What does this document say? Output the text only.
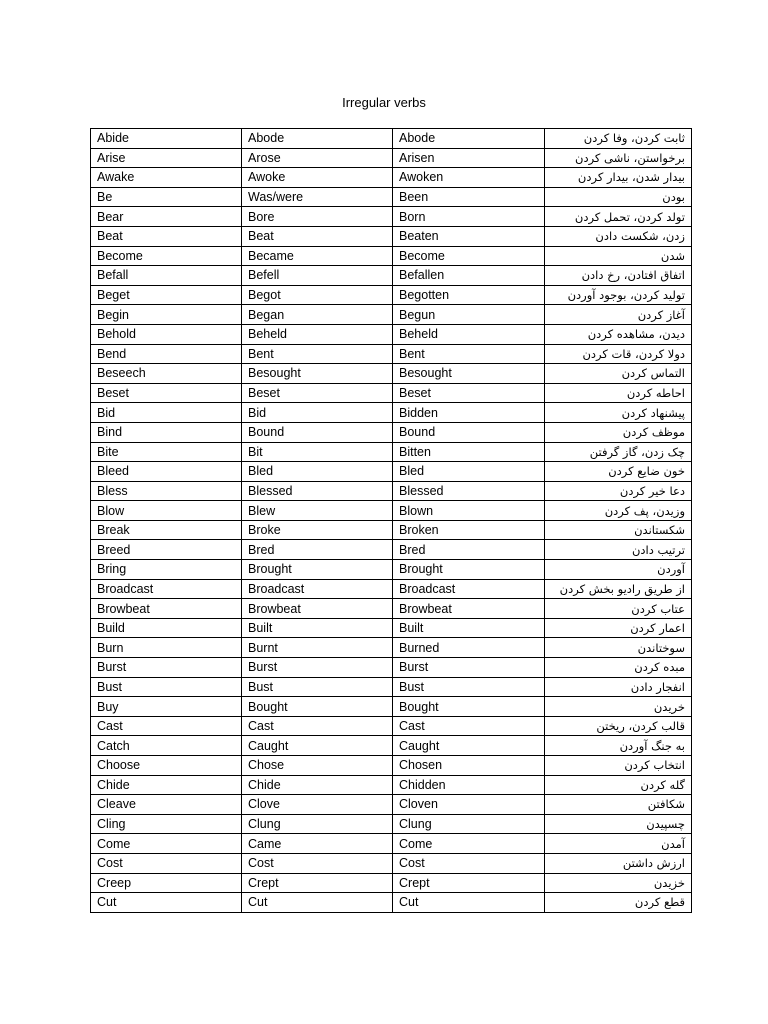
Irregular verbs
Abide	Abode	Abode	ثابت کردن، وفا کردن
Arise	Arose	Arisen	برخواستن، ناشی کردن
Awake	Awoke	Awoken	بیدار شدن، بیدار کردن
Be	Was/were	Been	بودن
Bear	Bore	Born	تولد کردن، تحمل کردن
Beat	Beat	Beaten	زدن، شکست دادن
Become	Became	Become	شدن
Befall	Befell	Befallen	اتفاق افتادن، رخ دادن
Beget	Begot	Begotten	تولید کردن، بوجود آوردن
Begin	Began	Begun	آغاز کردن
Behold	Beheld	Beheld	دیدن، مشاهده کردن
Bend	Bent	Bent	دولا کردن، قات کردن
Beseech	Besought	Besought	التماس کردن
Beset	Beset	Beset	احاطه کردن
Bid	Bid	Bidden	پیشنهاد کردن
Bind	Bound	Bound	موظف کردن
Bite	Bit	Bitten	چک زدن، گاز گرفتن
Bleed	Bled	Bled	خون ضایع کردن
Bless	Blessed	Blessed	دعا خیر کردن
Blow	Blew	Blown	وزیدن، پف کردن
Break	Broke	Broken	شکستاندن
Breed	Bred	Bred	ترتیب دادن
Bring	Brought	Brought	آوردن
Broadcast	Broadcast	Broadcast	از طریق رادیو بخش کردن
Browbeat	Browbeat	Browbeat	عتاب کردن
Build	Built	Built	اعمار کردن
Burn	Burnt	Burned	سوختاندن
Burst	Burst	Burst	مبده کردن
Bust	Bust	Bust	انفجار دادن
Buy	Bought	Bought	خریدن
Cast	Cast	Cast	قالب کردن، ریختن
Catch	Caught	Caught	به جنگ آوردن
Choose	Chose	Chosen	انتخاب کردن
Chide	Chide	Chidden	گله کردن
Cleave	Clove	Cloven	شکافتن
Cling	Clung	Clung	چسپیدن
Come	Came	Come	آمدن
Cost	Cost	Cost	ارزش داشتن
Creep	Crept	Crept	خزیدن
Cut	Cut	Cut	قطع کردن
